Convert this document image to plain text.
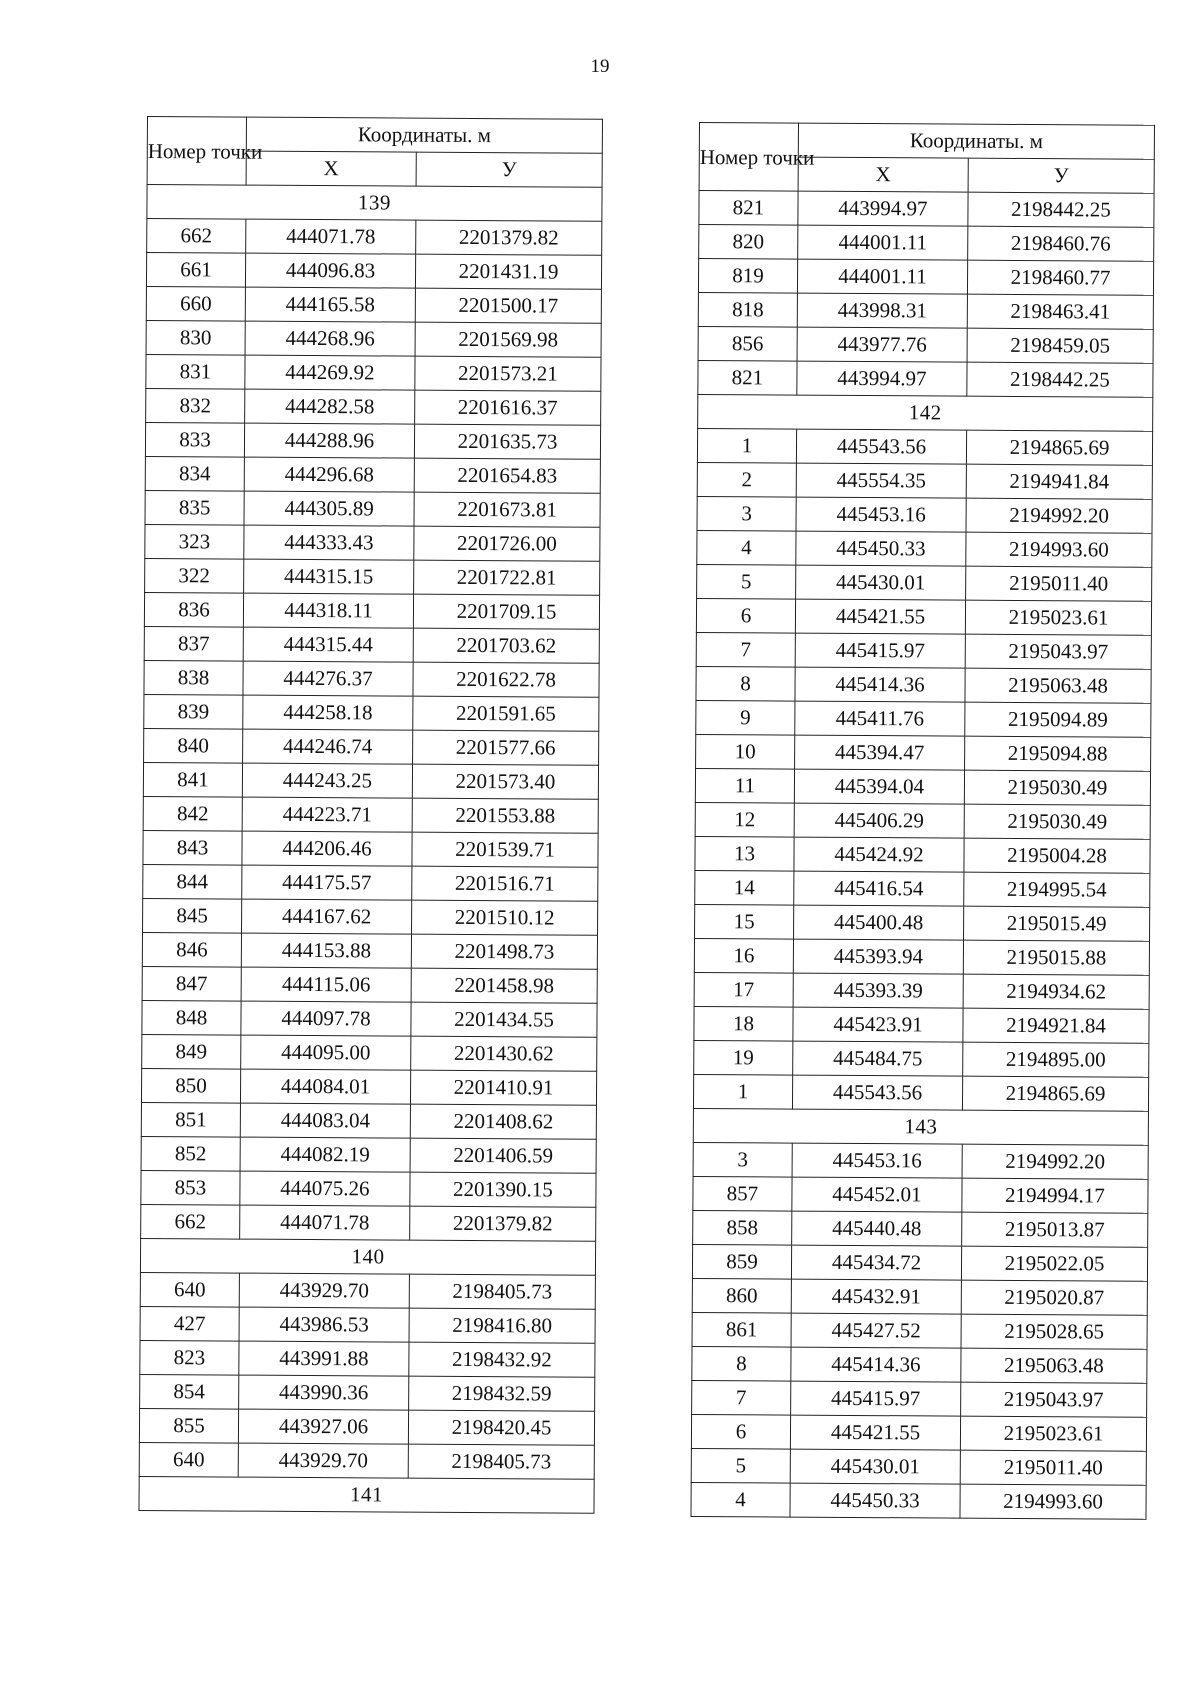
19
Номер точки	Координаты. м	
	X	У
139		
662	444071.78	2201379.82
661	444096.83	2201431.19
660	444165.58	2201500.17
830	444268.96	2201569.98
831	444269.92	2201573.21
832	444282.58	2201616.37
833	444288.96	2201635.73
834	444296.68	2201654.83
835	444305.89	2201673.81
323	444333.43	2201726.00
322	444315.15	2201722.81
836	444318.11	2201709.15
837	444315.44	2201703.62
838	444276.37	2201622.78
839	444258.18	2201591.65
840	444246.74	2201577.66
841	444243.25	2201573.40
842	444223.71	2201553.88
843	444206.46	2201539.71
844	444175.57	2201516.71
845	444167.62	2201510.12
846	444153.88	2201498.73
847	444115.06	2201458.98
848	444097.78	2201434.55
849	444095.00	2201430.62
850	444084.01	2201410.91
851	444083.04	2201408.62
852	444082.19	2201406.59
853	444075.26	2201390.15
662	444071.78	2201379.82
140		
640	443929.70	2198405.73
427	443986.53	2198416.80
823	443991.88	2198432.92
854	443990.36	2198432.59
855	443927.06	2198420.45
640	443929.70	2198405.73
141		
Номер точки	Координаты. м	
	X	У
821	443994.97	2198442.25
820	444001.11	2198460.76
819	444001.11	2198460.77
818	443998.31	2198463.41
856	443977.76	2198459.05
821	443994.97	2198442.25
142		
1	445543.56	2194865.69
2	445554.35	2194941.84
3	445453.16	2194992.20
4	445450.33	2194993.60
5	445430.01	2195011.40
6	445421.55	2195023.61
7	445415.97	2195043.97
8	445414.36	2195063.48
9	445411.76	2195094.89
10	445394.47	2195094.88
11	445394.04	2195030.49
12	445406.29	2195030.49
13	445424.92	2195004.28
14	445416.54	2194995.54
15	445400.48	2195015.49
16	445393.94	2195015.88
17	445393.39	2194934.62
18	445423.91	2194921.84
19	445484.75	2194895.00
1	445543.56	2194865.69
143		
3	445453.16	2194992.20
857	445452.01	2194994.17
858	445440.48	2195013.87
859	445434.72	2195022.05
860	445432.91	2195020.87
861	445427.52	2195028.65
8	445414.36	2195063.48
7	445415.97	2195043.97
6	445421.55	2195023.61
5	445430.01	2195011.40
4	445450.33	2194993.60
